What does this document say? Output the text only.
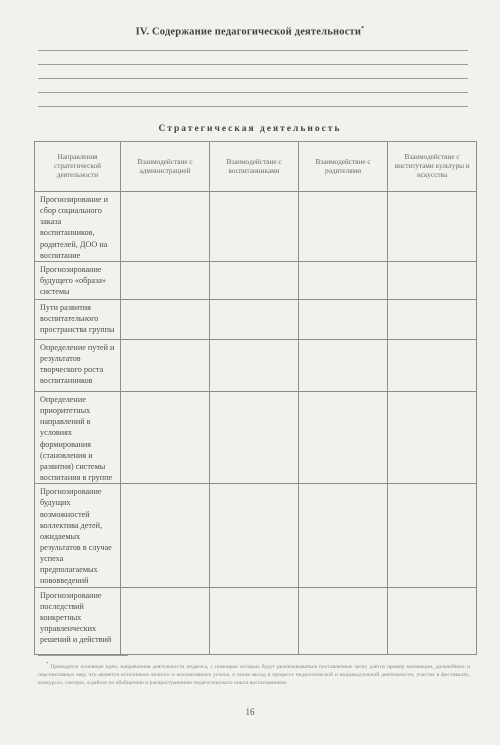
IV. Содержание педагогической деятельности*
Стратегическая деятельность
Направления стратегической деятельности	Взаимодействие с администрацией	Взаимодействие с воспитанниками	Взаимодействие с родителями	Взаимодействие с институтами культуры и искусства
Прогнозирование и сбор социального заказа воспитанников, родителей, ДОО на воспитание				
Прогнозирование будущего «образа» системы				
Пути развития воспитательного пространства группы				
Определение путей и результатов творческого роста воспитанников				
Определение приоритетных направлений в условиях формирования (становления и развития) системы воспитания в группе				
Прогнозирование будущих возможностей коллектива детей, ожидаемых результатов в случае успеха предполагаемых нововведений				
Прогнозирование последствий конкретных управленческих решений и действий				

* Приводятся основные идеи, направления деятельности педагога, с помощью которых будут реализовываться поставленные цели; даётся пример мотивации, дальнейших и перспективных мер; что является источником личного и коллективного успеха, а также вклад в процессе педагогической и индивидуальной деятельности, участие в фестивалях, конкурсах, смотрах, в работе по обобщению и распространению педагогического опыта воспитанников.

16
